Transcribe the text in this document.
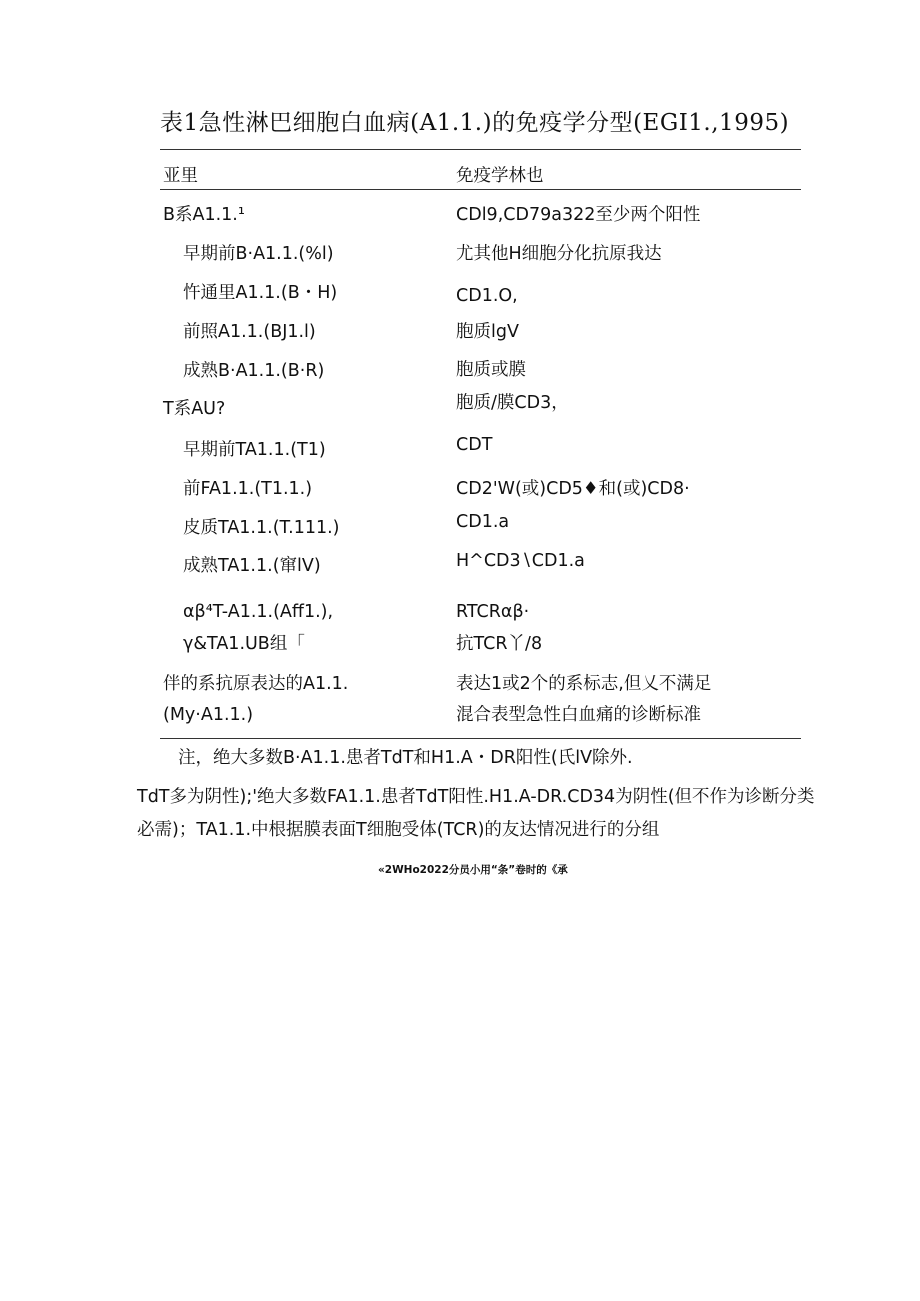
表1急性淋巴细胞白血病(A1.1.)的免疫学分型(EGI1.,1995)
亚里	免疫学林也
B系A1.1.¹	CDl9,CD79a322至少两个阳性
早期前B·A1.1.(%l)	尤其他H细胞分化抗原我达
忤通里A1.1.(B・H)	CD1.O,
前照A1.1.(BJ1.l)	胞质lgV
成熟B·A1.1.(B·R)	胞质或膜
T系AU?	胞质/膜CD3，
早期前TA1.1.(T1)	CDT
前FA1.1.(T1.1.)	CD2'W(或)CD5♦和(或)CD8·
皮质TA1.1.(T.111.)	CD1.a
成熟TA1.1.(窜lV)	H^CD3∖CD1.a
αβ⁴T-A1.1.(Aff1.),	RTCRαβ·
γ&TA1.UB组「	抗TCR丫/8
伴的系抗原表达的A1.1.	表达1或2个的系标志,但乂不满足
(My·A1.1.)	混合表型急性白血痛的诊断标准
注，绝大多数B·A1.1.患者TdT和H1.A・DR阳性(氏lV除外.
TdT多为阴性);'绝大多数FA1.1.患者TdT阳性.H1.A-DR.CD34为阴性(但不作为诊断分类
必需)；TA1.1.中根据膜表面T细胞受体(TCR)的友达情况进行的分组
«2WHo2022分员小用“条”卷时的《承
